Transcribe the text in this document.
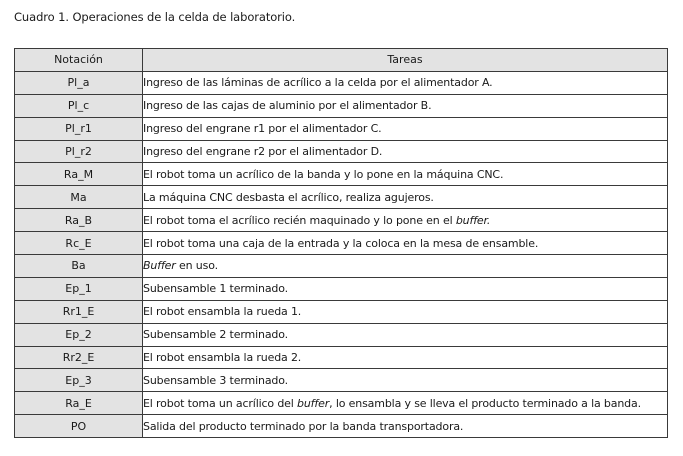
Cuadro 1. Operaciones de la celda de laboratorio.
Notación	Tareas
Pl_a	Ingreso de las láminas de acrílico a la celda por el alimentador A.
Pl_c	Ingreso de las cajas de aluminio por el alimentador B.
Pl_r1	Ingreso del engrane r1 por el alimentador C.
Pl_r2	Ingreso del engrane r2 por el alimentador D.
Ra_M	El robot toma un acrílico de la banda y lo pone en la máquina CNC.
Ma	La máquina CNC desbasta el acrílico, realiza agujeros.
Ra_B	El robot toma el acrílico recién maquinado y lo pone en el buffer.
Rc_E	El robot toma una caja de la entrada y la coloca en la mesa de ensamble.
Ba	Buffer en uso.
Ep_1	Subensamble 1 terminado.
Rr1_E	El robot ensambla la rueda 1.
Ep_2	Subensamble 2 terminado.
Rr2_E	El robot ensambla la rueda 2.
Ep_3	Subensamble 3 terminado.
Ra_E	El robot toma un acrílico del buffer, lo ensambla y se lleva el producto terminado a la banda.
PO	Salida del producto terminado por la banda transportadora.
